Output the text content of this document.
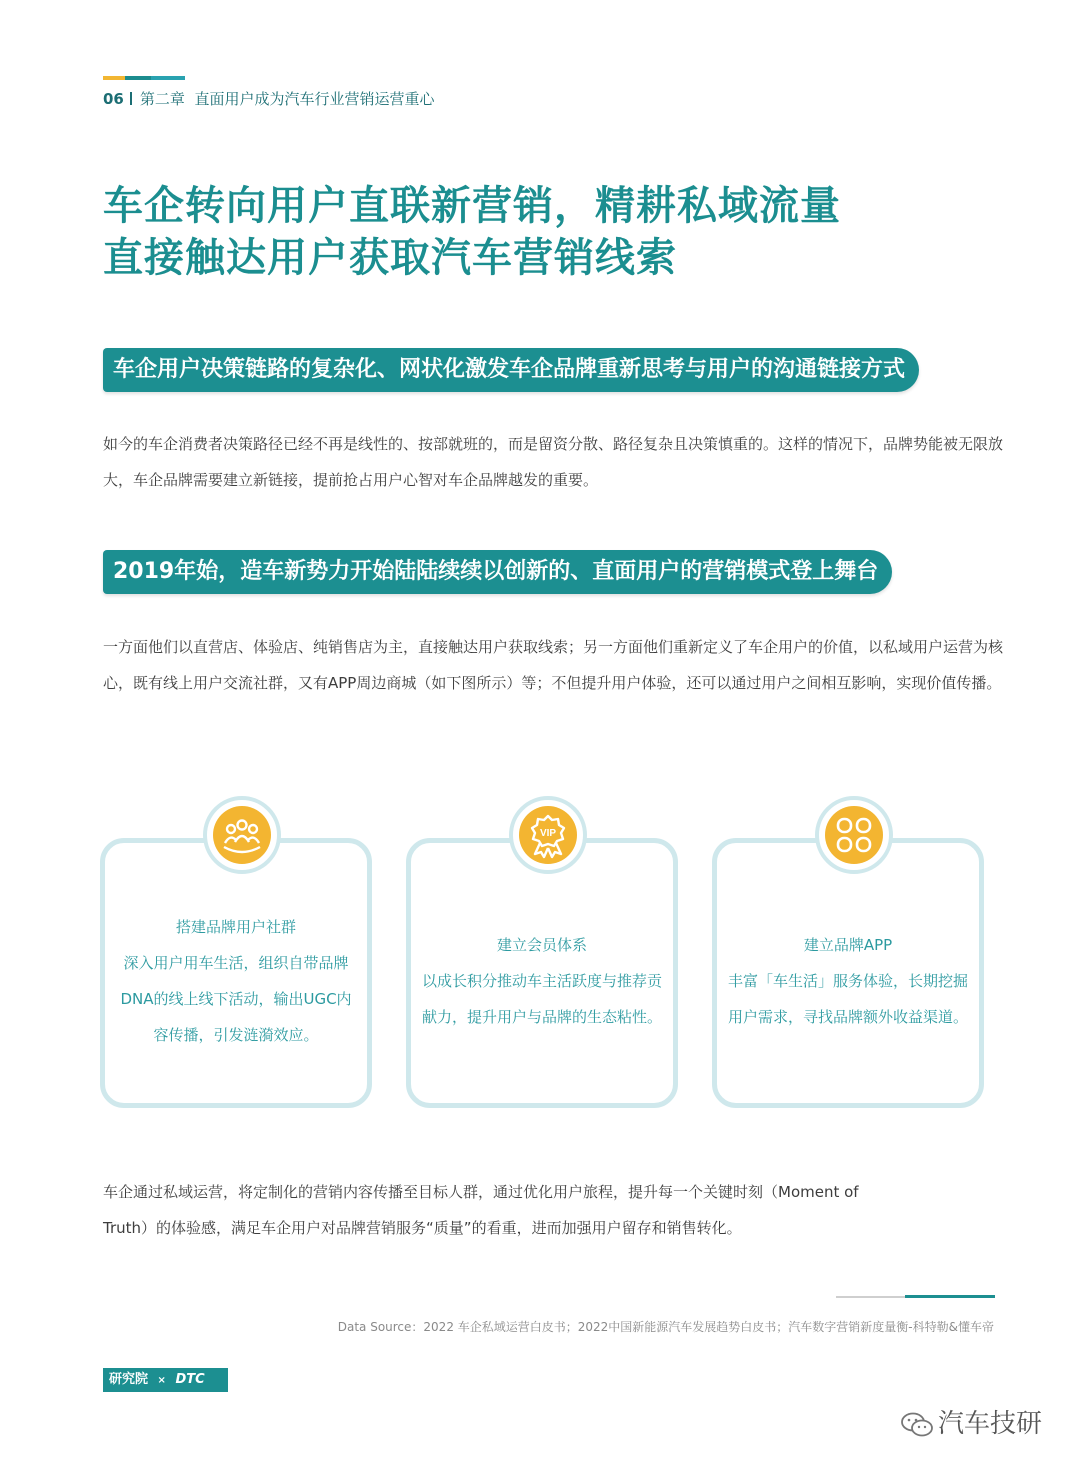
06 第二章 直面用户成为汽车行业营销运营重心
车企转向用户直联新营销，精耕私域流量
直接触达用户获取汽车营销线索
车企用户决策链路的复杂化、网状化激发车企品牌重新思考与用户的沟通链接方式

如今的车企消费者决策路径已经不再是线性的、按部就班的，而是留资分散、路径复杂且决策慎重的。这样的情况下，品牌势能被无限放大，车企品牌需要建立新链接，提前抢占用户心智对车企品牌越发的重要。

2019年始，造车新势力开始陆陆续续以创新的、直面用户的营销模式登上舞台

一方面他们以直营店、体验店、纯销售店为主，直接触达用户获取线索；另一方面他们重新定义了车企用户的价值，以私域用户运营为核心，既有线上用户交流社群，又有APP周边商城（如下图所示）等；不但提升用户体验，还可以通过用户之间相互影响，实现价值传播。

搭建品牌用户社群
深入用户用车生活，组织自带品牌DNA的线上线下活动，输出UGC内容传播，引发涟漪效应。
建立会员体系
以成长积分推动车主活跃度与推荐贡献力，提升用户与品牌的生态粘性。
建立品牌APP
丰富「车生活」服务体验，长期挖掘用户需求，寻找品牌额外收益渠道。
VIP

车企通过私域运营，将定制化的营销内容传播至目标人群，通过优化用户旅程，提升每一个关键时刻（Moment of Truth）的体验感，满足车企用户对品牌营销服务“质量”的看重，进而加强用户留存和销售转化。

Data Source：2022 车企私域运营白皮书；2022中国新能源汽车发展趋势白皮书；汽车数字营销新度量衡-科特勒&懂车帝
研究院 × DTC
汽车技研
